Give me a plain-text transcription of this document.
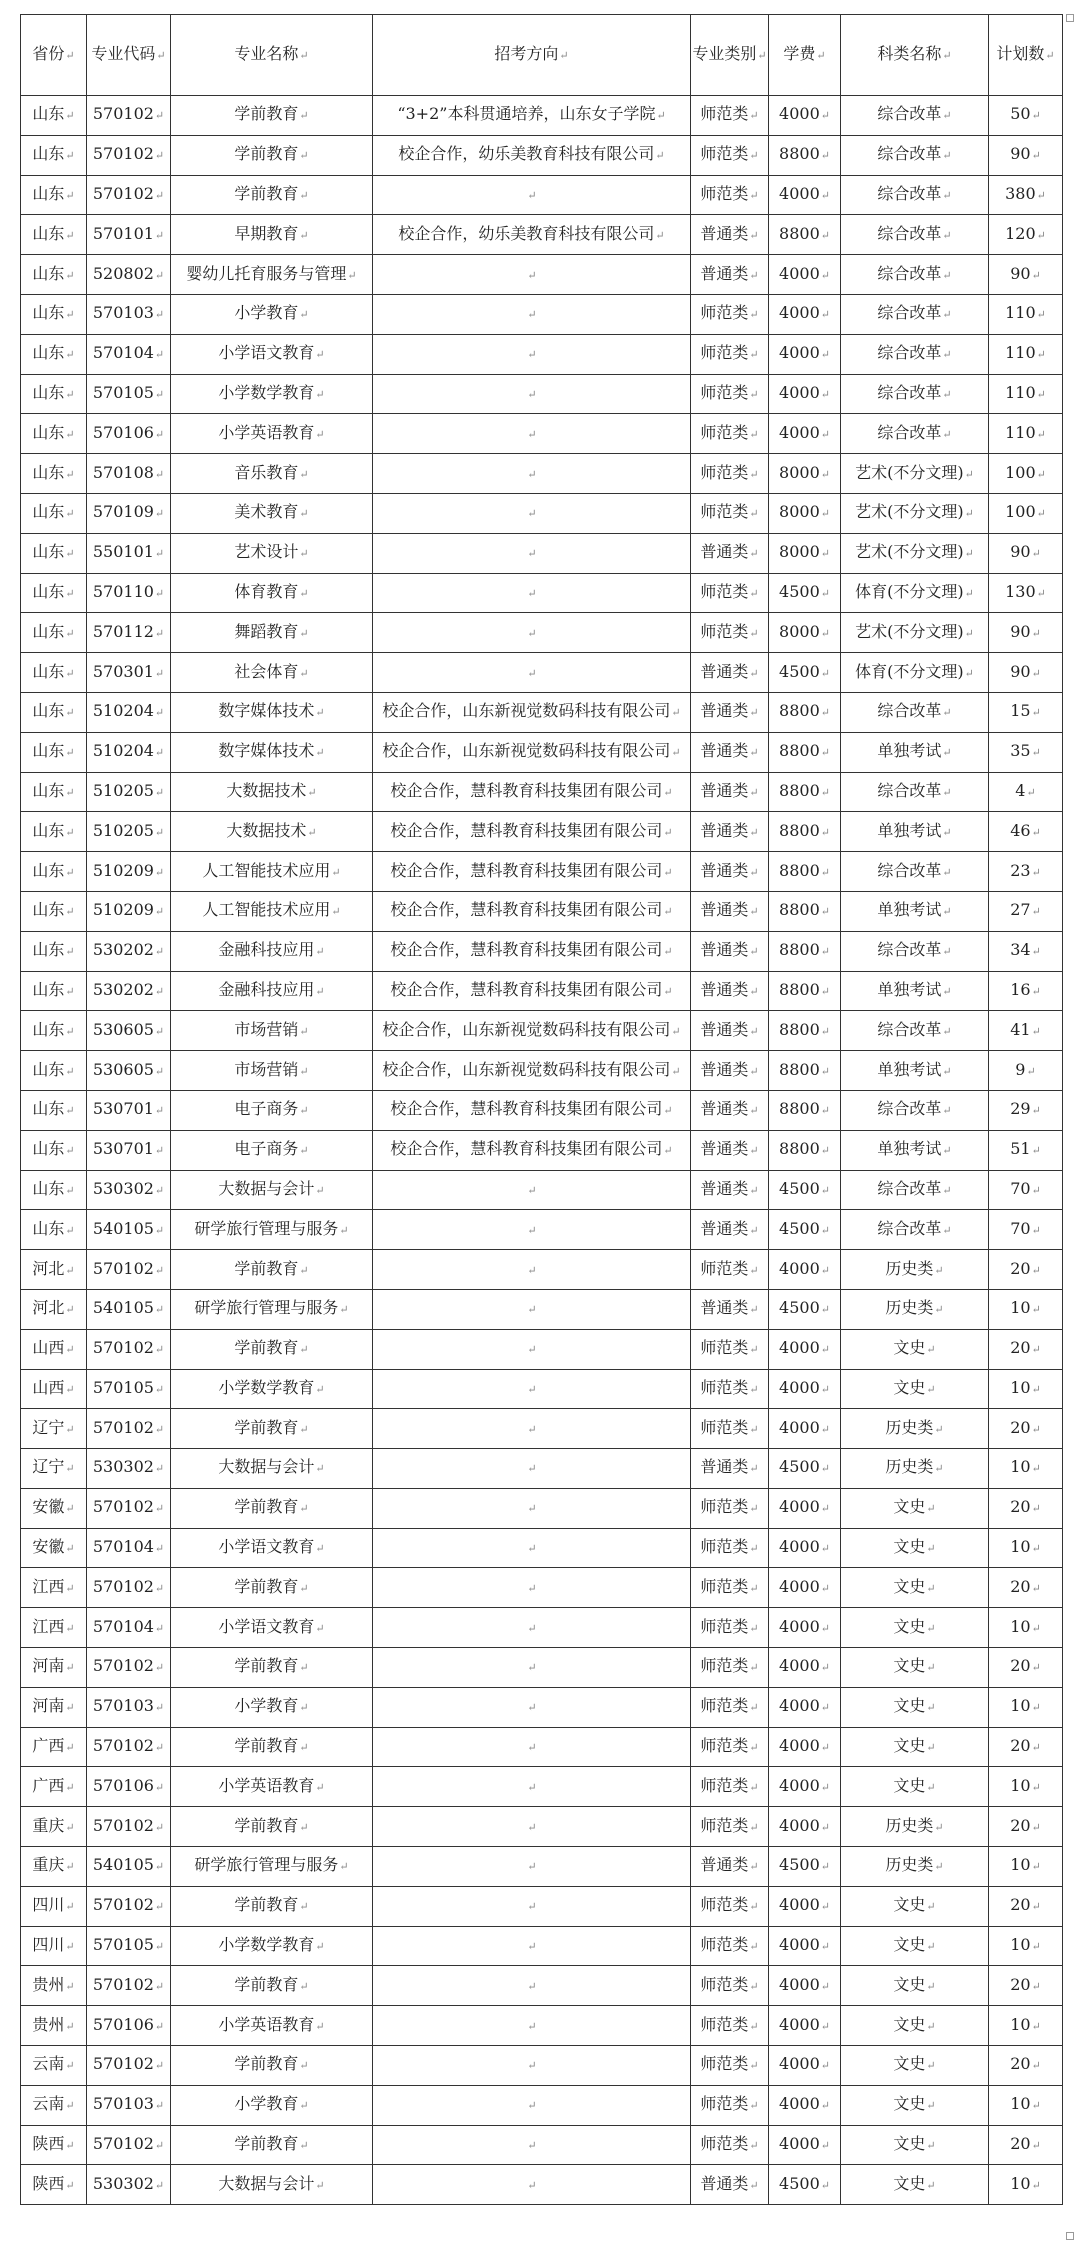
省份↵	专业代码↵	专业名称↵	招考方向↵	专业类别↵	学费↵	科类名称↵	计划数↵
山东↵	570102↵	学前教育↵	“3+2”本科贯通培养，山东女子学院↵	师范类↵	4000↵	综合改革↵	50↵
山东↵	570102↵	学前教育↵	校企合作，幼乐美教育科技有限公司↵	师范类↵	8800↵	综合改革↵	90↵
山东↵	570102↵	学前教育↵	↵	师范类↵	4000↵	综合改革↵	380↵
山东↵	570101↵	早期教育↵	校企合作，幼乐美教育科技有限公司↵	普通类↵	8800↵	综合改革↵	120↵
山东↵	520802↵	婴幼儿托育服务与管理↵	↵	普通类↵	4000↵	综合改革↵	90↵
山东↵	570103↵	小学教育↵	↵	师范类↵	4000↵	综合改革↵	110↵
山东↵	570104↵	小学语文教育↵	↵	师范类↵	4000↵	综合改革↵	110↵
山东↵	570105↵	小学数学教育↵	↵	师范类↵	4000↵	综合改革↵	110↵
山东↵	570106↵	小学英语教育↵	↵	师范类↵	4000↵	综合改革↵	110↵
山东↵	570108↵	音乐教育↵	↵	师范类↵	8000↵	艺术(不分文理)↵	100↵
山东↵	570109↵	美术教育↵	↵	师范类↵	8000↵	艺术(不分文理)↵	100↵
山东↵	550101↵	艺术设计↵	↵	普通类↵	8000↵	艺术(不分文理)↵	90↵
山东↵	570110↵	体育教育↵	↵	师范类↵	4500↵	体育(不分文理)↵	130↵
山东↵	570112↵	舞蹈教育↵	↵	师范类↵	8000↵	艺术(不分文理)↵	90↵
山东↵	570301↵	社会体育↵	↵	普通类↵	4500↵	体育(不分文理)↵	90↵
山东↵	510204↵	数字媒体技术↵	校企合作，山东新视觉数码科技有限公司↵	普通类↵	8800↵	综合改革↵	15↵
山东↵	510204↵	数字媒体技术↵	校企合作，山东新视觉数码科技有限公司↵	普通类↵	8800↵	单独考试↵	35↵
山东↵	510205↵	大数据技术↵	校企合作，慧科教育科技集团有限公司↵	普通类↵	8800↵	综合改革↵	4↵
山东↵	510205↵	大数据技术↵	校企合作，慧科教育科技集团有限公司↵	普通类↵	8800↵	单独考试↵	46↵
山东↵	510209↵	人工智能技术应用↵	校企合作，慧科教育科技集团有限公司↵	普通类↵	8800↵	综合改革↵	23↵
山东↵	510209↵	人工智能技术应用↵	校企合作，慧科教育科技集团有限公司↵	普通类↵	8800↵	单独考试↵	27↵
山东↵	530202↵	金融科技应用↵	校企合作，慧科教育科技集团有限公司↵	普通类↵	8800↵	综合改革↵	34↵
山东↵	530202↵	金融科技应用↵	校企合作，慧科教育科技集团有限公司↵	普通类↵	8800↵	单独考试↵	16↵
山东↵	530605↵	市场营销↵	校企合作，山东新视觉数码科技有限公司↵	普通类↵	8800↵	综合改革↵	41↵
山东↵	530605↵	市场营销↵	校企合作，山东新视觉数码科技有限公司↵	普通类↵	8800↵	单独考试↵	9↵
山东↵	530701↵	电子商务↵	校企合作，慧科教育科技集团有限公司↵	普通类↵	8800↵	综合改革↵	29↵
山东↵	530701↵	电子商务↵	校企合作，慧科教育科技集团有限公司↵	普通类↵	8800↵	单独考试↵	51↵
山东↵	530302↵	大数据与会计↵	↵	普通类↵	4500↵	综合改革↵	70↵
山东↵	540105↵	研学旅行管理与服务↵	↵	普通类↵	4500↵	综合改革↵	70↵
河北↵	570102↵	学前教育↵	↵	师范类↵	4000↵	历史类↵	20↵
河北↵	540105↵	研学旅行管理与服务↵	↵	普通类↵	4500↵	历史类↵	10↵
山西↵	570102↵	学前教育↵	↵	师范类↵	4000↵	文史↵	20↵
山西↵	570105↵	小学数学教育↵	↵	师范类↵	4000↵	文史↵	10↵
辽宁↵	570102↵	学前教育↵	↵	师范类↵	4000↵	历史类↵	20↵
辽宁↵	530302↵	大数据与会计↵	↵	普通类↵	4500↵	历史类↵	10↵
安徽↵	570102↵	学前教育↵	↵	师范类↵	4000↵	文史↵	20↵
安徽↵	570104↵	小学语文教育↵	↵	师范类↵	4000↵	文史↵	10↵
江西↵	570102↵	学前教育↵	↵	师范类↵	4000↵	文史↵	20↵
江西↵	570104↵	小学语文教育↵	↵	师范类↵	4000↵	文史↵	10↵
河南↵	570102↵	学前教育↵	↵	师范类↵	4000↵	文史↵	20↵
河南↵	570103↵	小学教育↵	↵	师范类↵	4000↵	文史↵	10↵
广西↵	570102↵	学前教育↵	↵	师范类↵	4000↵	文史↵	20↵
广西↵	570106↵	小学英语教育↵	↵	师范类↵	4000↵	文史↵	10↵
重庆↵	570102↵	学前教育↵	↵	师范类↵	4000↵	历史类↵	20↵
重庆↵	540105↵	研学旅行管理与服务↵	↵	普通类↵	4500↵	历史类↵	10↵
四川↵	570102↵	学前教育↵	↵	师范类↵	4000↵	文史↵	20↵
四川↵	570105↵	小学数学教育↵	↵	师范类↵	4000↵	文史↵	10↵
贵州↵	570102↵	学前教育↵	↵	师范类↵	4000↵	文史↵	20↵
贵州↵	570106↵	小学英语教育↵	↵	师范类↵	4000↵	文史↵	10↵
云南↵	570102↵	学前教育↵	↵	师范类↵	4000↵	文史↵	20↵
云南↵	570103↵	小学教育↵	↵	师范类↵	4000↵	文史↵	10↵
陕西↵	570102↵	学前教育↵	↵	师范类↵	4000↵	文史↵	20↵
陕西↵	530302↵	大数据与会计↵	↵	普通类↵	4500↵	文史↵	10↵
